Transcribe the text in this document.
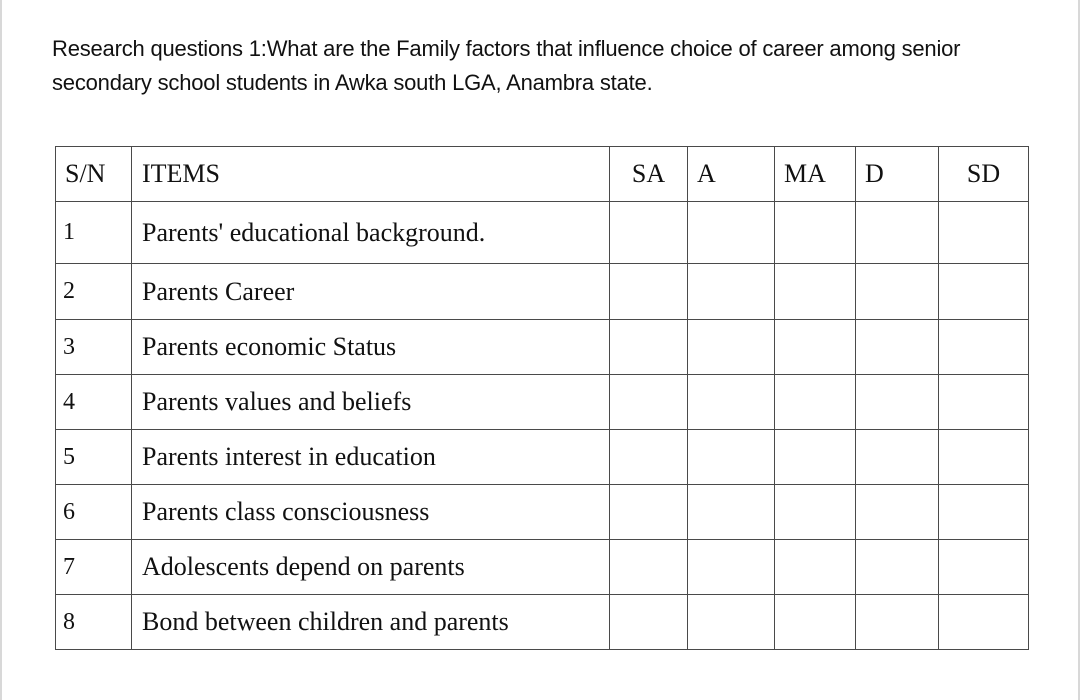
Research questions 1:What are the Family factors that influence choice of career among senior
secondary school students in Awka south LGA, Anambra state.

S/N	ITEMS	SA	A	MA	D	SD
1	Parents' educational background.					
2	Parents Career					
3	Parents economic Status					
4	Parents values and beliefs					
5	Parents interest in education					
6	Parents class consciousness					
7	Adolescents depend on parents					
8	Bond between children and parents					
